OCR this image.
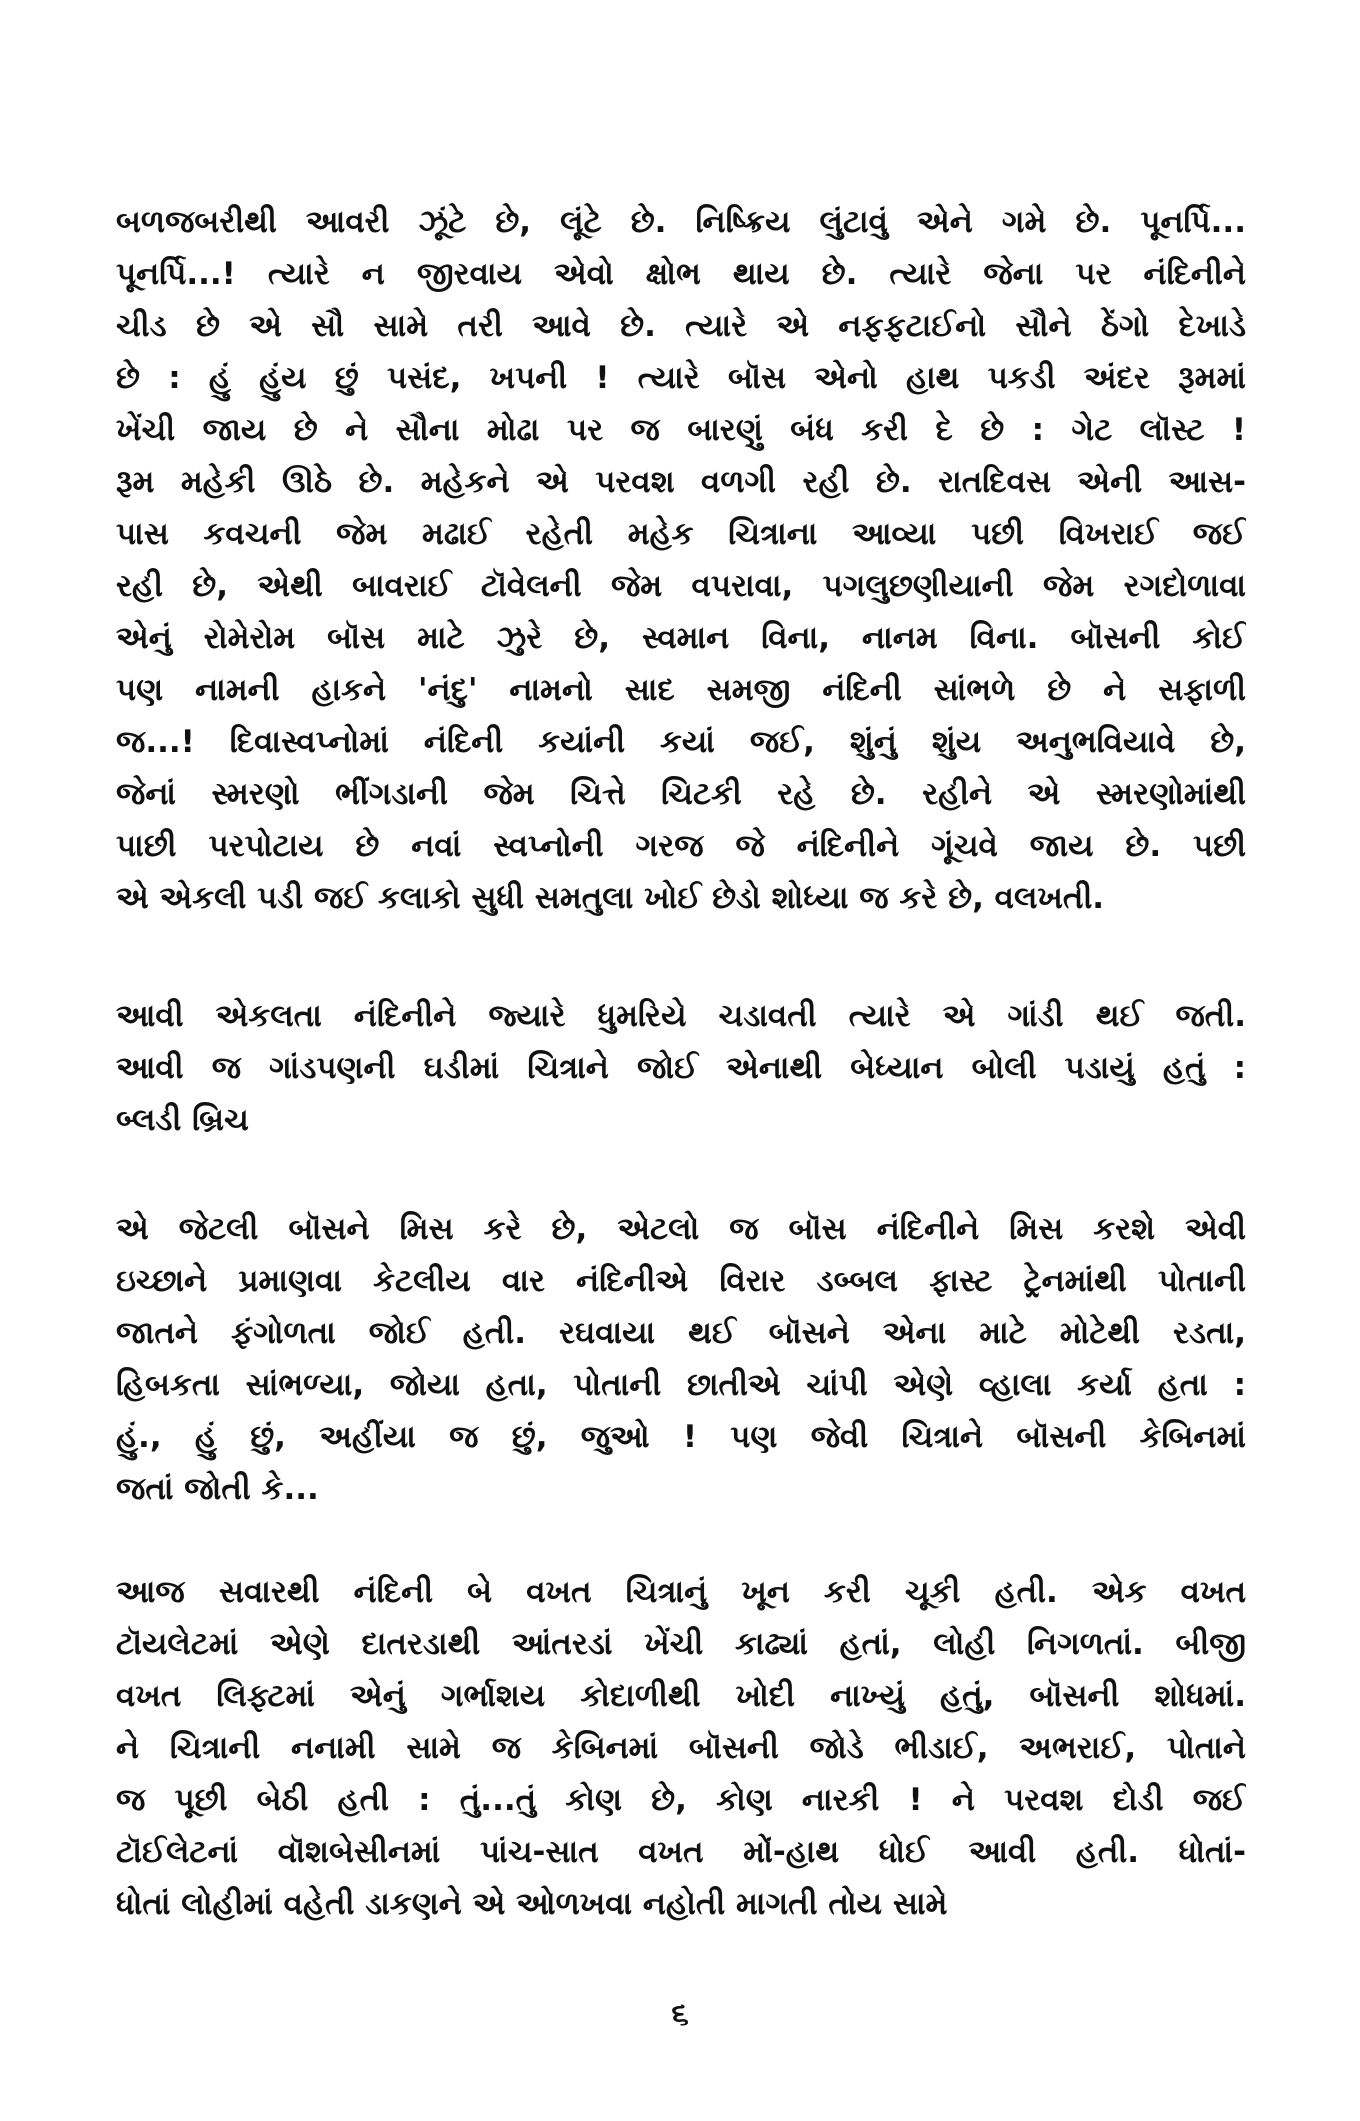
બળજબરીથી આવરી ઝૂંટે છે, લૂંટે છે. નિષ્ક્રિય લુંટાવું એને ગમે છે. પૂનર્પિ...
પૂનર્પિ...! ત્યારે ન જીરવાય એવો ક્ષોભ થાય છે. ત્યારે જેના પર નંદિનીને
ચીડ છે એ સૌ સામે તરી આવે છે. ત્યારે એ નફફટાઈનો સૌને ઠેંગો દેખાડે
છે : હું હુંય છું પસંદ, ખપની ! ત્યારે બૉસ એનો હાથ પકડી અંદર રૂમમાં
ખેંચી જાય છે ને સૌના મોઢા પર જ બારણું બંધ કરી દે છે : ગેટ લૉસ્ટ !
રૂમ મહેકી ઊઠે છે. મહેકને એ પરવશ વળગી રહી છે. રાતદિવસ એની આસ-
પાસ કવચની જેમ મઢાઈ રહેતી મહેક ચિત્રાના આવ્યા પછી વિખરાઈ જઈ
રહી છે, એથી બાવરાઈ ટૉવેલની જેમ વપરાવા, પગલુછણીયાની જેમ રગદોળાવા
એનું રોમેરોમ બૉસ માટે ઝુરે છે, સ્વમાન વિના, નાનમ વિના. બૉસની કોઈ
પણ નામની હાકને 'નંદુ' નામનો સાદ સમજી નંદિની સાંભળે છે ને સફાળી
જ...! દિવાસ્વપ્નોમાં નંદિની કયાંની કયાં જઈ, શુંનું શુંય અનુભવિયાવે છે,
જેનાં સ્મરણો ભીંગડાની જેમ ચિત્તે ચિટકી રહે છે. રહીને એ સ્મરણોમાંથી
પાછી પરપોટાય છે નવાં સ્વપ્નોની ગરજ જે નંદિનીને ગૂંચવે જાય છે. પછી
એ એકલી પડી જઈ કલાકો સુધી સમતુલા ખોઈ છેડો શોધ્યા જ કરે છે, વલખતી.
આવી એકલતા નંદિનીને જ્યારે ધુમરિયે ચડાવતી ત્યારે એ ગાંડી થઈ જતી.
આવી જ ગાંડપણની ઘડીમાં ચિત્રાને જોઈ એનાથી બેધ્યાન બોલી પડાયું હતું :
બ્લડી બ્રિચ
એ જેટલી બૉસને મિસ કરે છે, એટલો જ બૉસ નંદિનીને મિસ કરશે એવી
ઇચ્છાને પ્રમાણવા કેટલીય વાર નંદિનીએ વિરાર ડબ્બલ ફાસ્ટ ટ્રેનમાંથી પોતાની
જાતને ફંગોળતા જોઈ હતી. રઘવાયા થઈ બૉસને એના માટે મોટેથી રડતા,
હિબકતા સાંભળ્યા, જોયા હતા, પોતાની છાતીએ ચાંપી એણે વ્હાલા કર્યા હતા :
હું., હું છું, અહીંયા જ છું, જુઓ ! પણ જેવી ચિત્રાને બૉસની કેબિનમાં
જતાં જોતી કે...
આજ સવારથી નંદિની બે વખત ચિત્રાનું ખૂન કરી ચૂકી હતી. એક વખત
ટૉયલેટમાં એણે દાતરડાથી આંતરડાં ખેંચી કાઢ્યાં હતાં, લોહી નિગળતાં. બીજી
વખત લિફ્ટમાં એનું ગર્ભાશય કોદાળીથી ખોદી નાખ્યું હતું, બૉસની શોધમાં.
ને ચિત્રાની નનામી સામે જ કેબિનમાં બૉસની જોડે ભીડાઈ, અભરાઈ, પોતાને
જ પૂછી બેઠી હતી : તું...તું કોણ છે, કોણ નારકી ! ને પરવશ દોડી જઈ
ટૉઈલેટનાં વૉશબેસીનમાં પાંચ-સાત વખત મોં-હાથ ધોઈ આવી હતી. ધોતાં-
ધોતાં લોહીમાં વહેતી ડાકણને એ ઓળખવા નહોતી માગતી તોય સામે
૬
